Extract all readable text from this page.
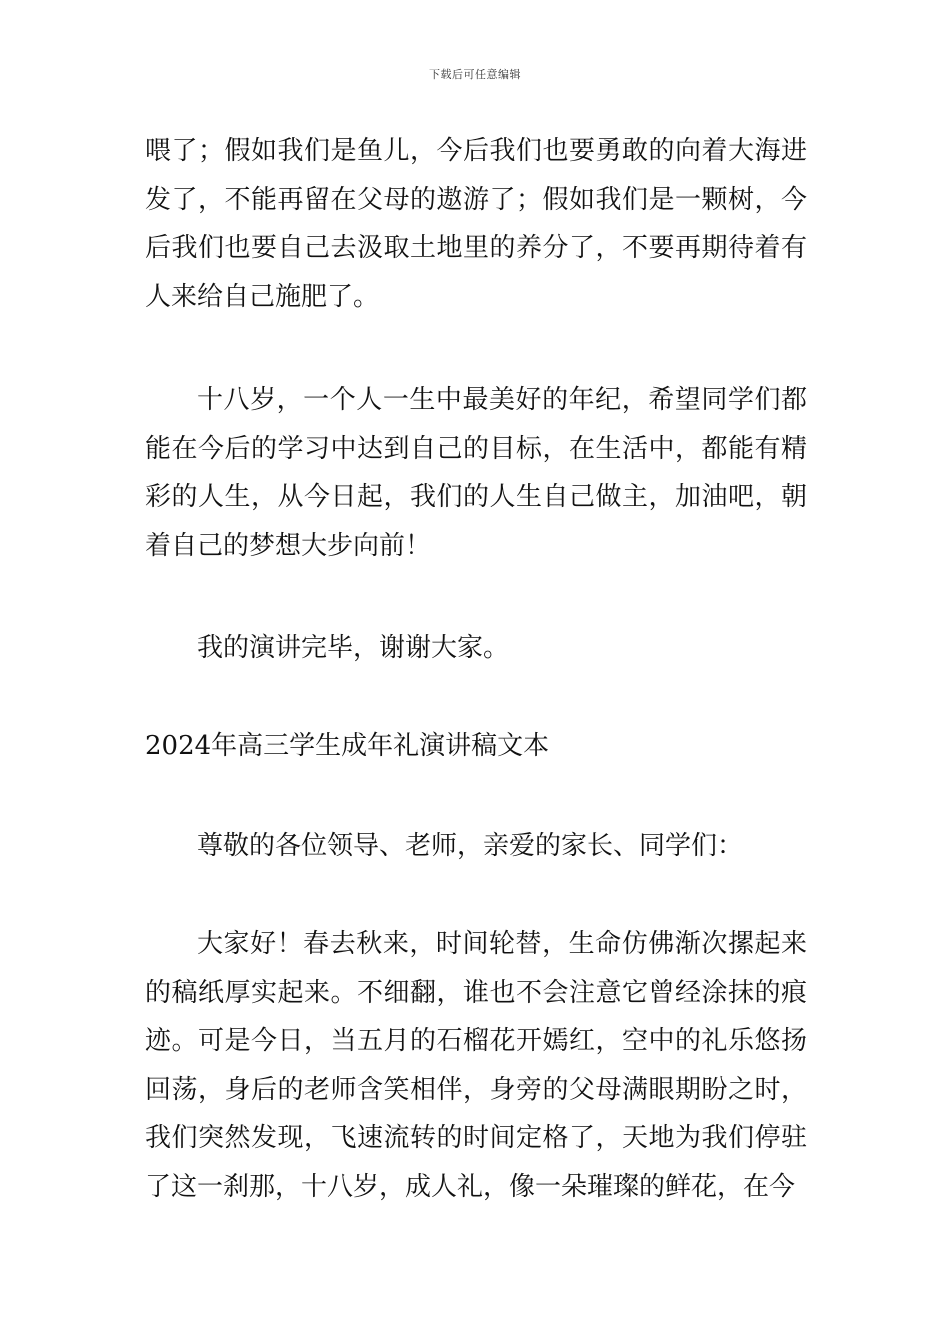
下载后可任意编辑

喂了；假如我们是鱼儿，今后我们也要勇敢的向着大海进发了，不能再留在父母的遨游了；假如我们是一颗树，今后我们也要自己去汲取土地里的养分了，不要再期待着有人来给自己施肥了。

十八岁，一个人一生中最美好的年纪，希望同学们都能在今后的学习中达到自己的目标，在生活中，都能有精彩的人生，从今日起，我们的人生自己做主，加油吧，朝着自己的梦想大步向前！

我的演讲完毕，谢谢大家。

2024年高三学生成年礼演讲稿文本

尊敬的各位领导、老师，亲爱的家长、同学们：

大家好！春去秋来，时间轮替，生命仿佛渐次摞起来的稿纸厚实起来。不细翻，谁也不会注意它曾经涂抹的痕迹。可是今日，当五月的石榴花开嫣红，空中的礼乐悠扬回荡，身后的老师含笑相伴，身旁的父母满眼期盼之时，我们突然发现，飞速流转的时间定格了，天地为我们停驻了这一刹那，十八岁，成人礼，像一朵璀璨的鲜花，在今
